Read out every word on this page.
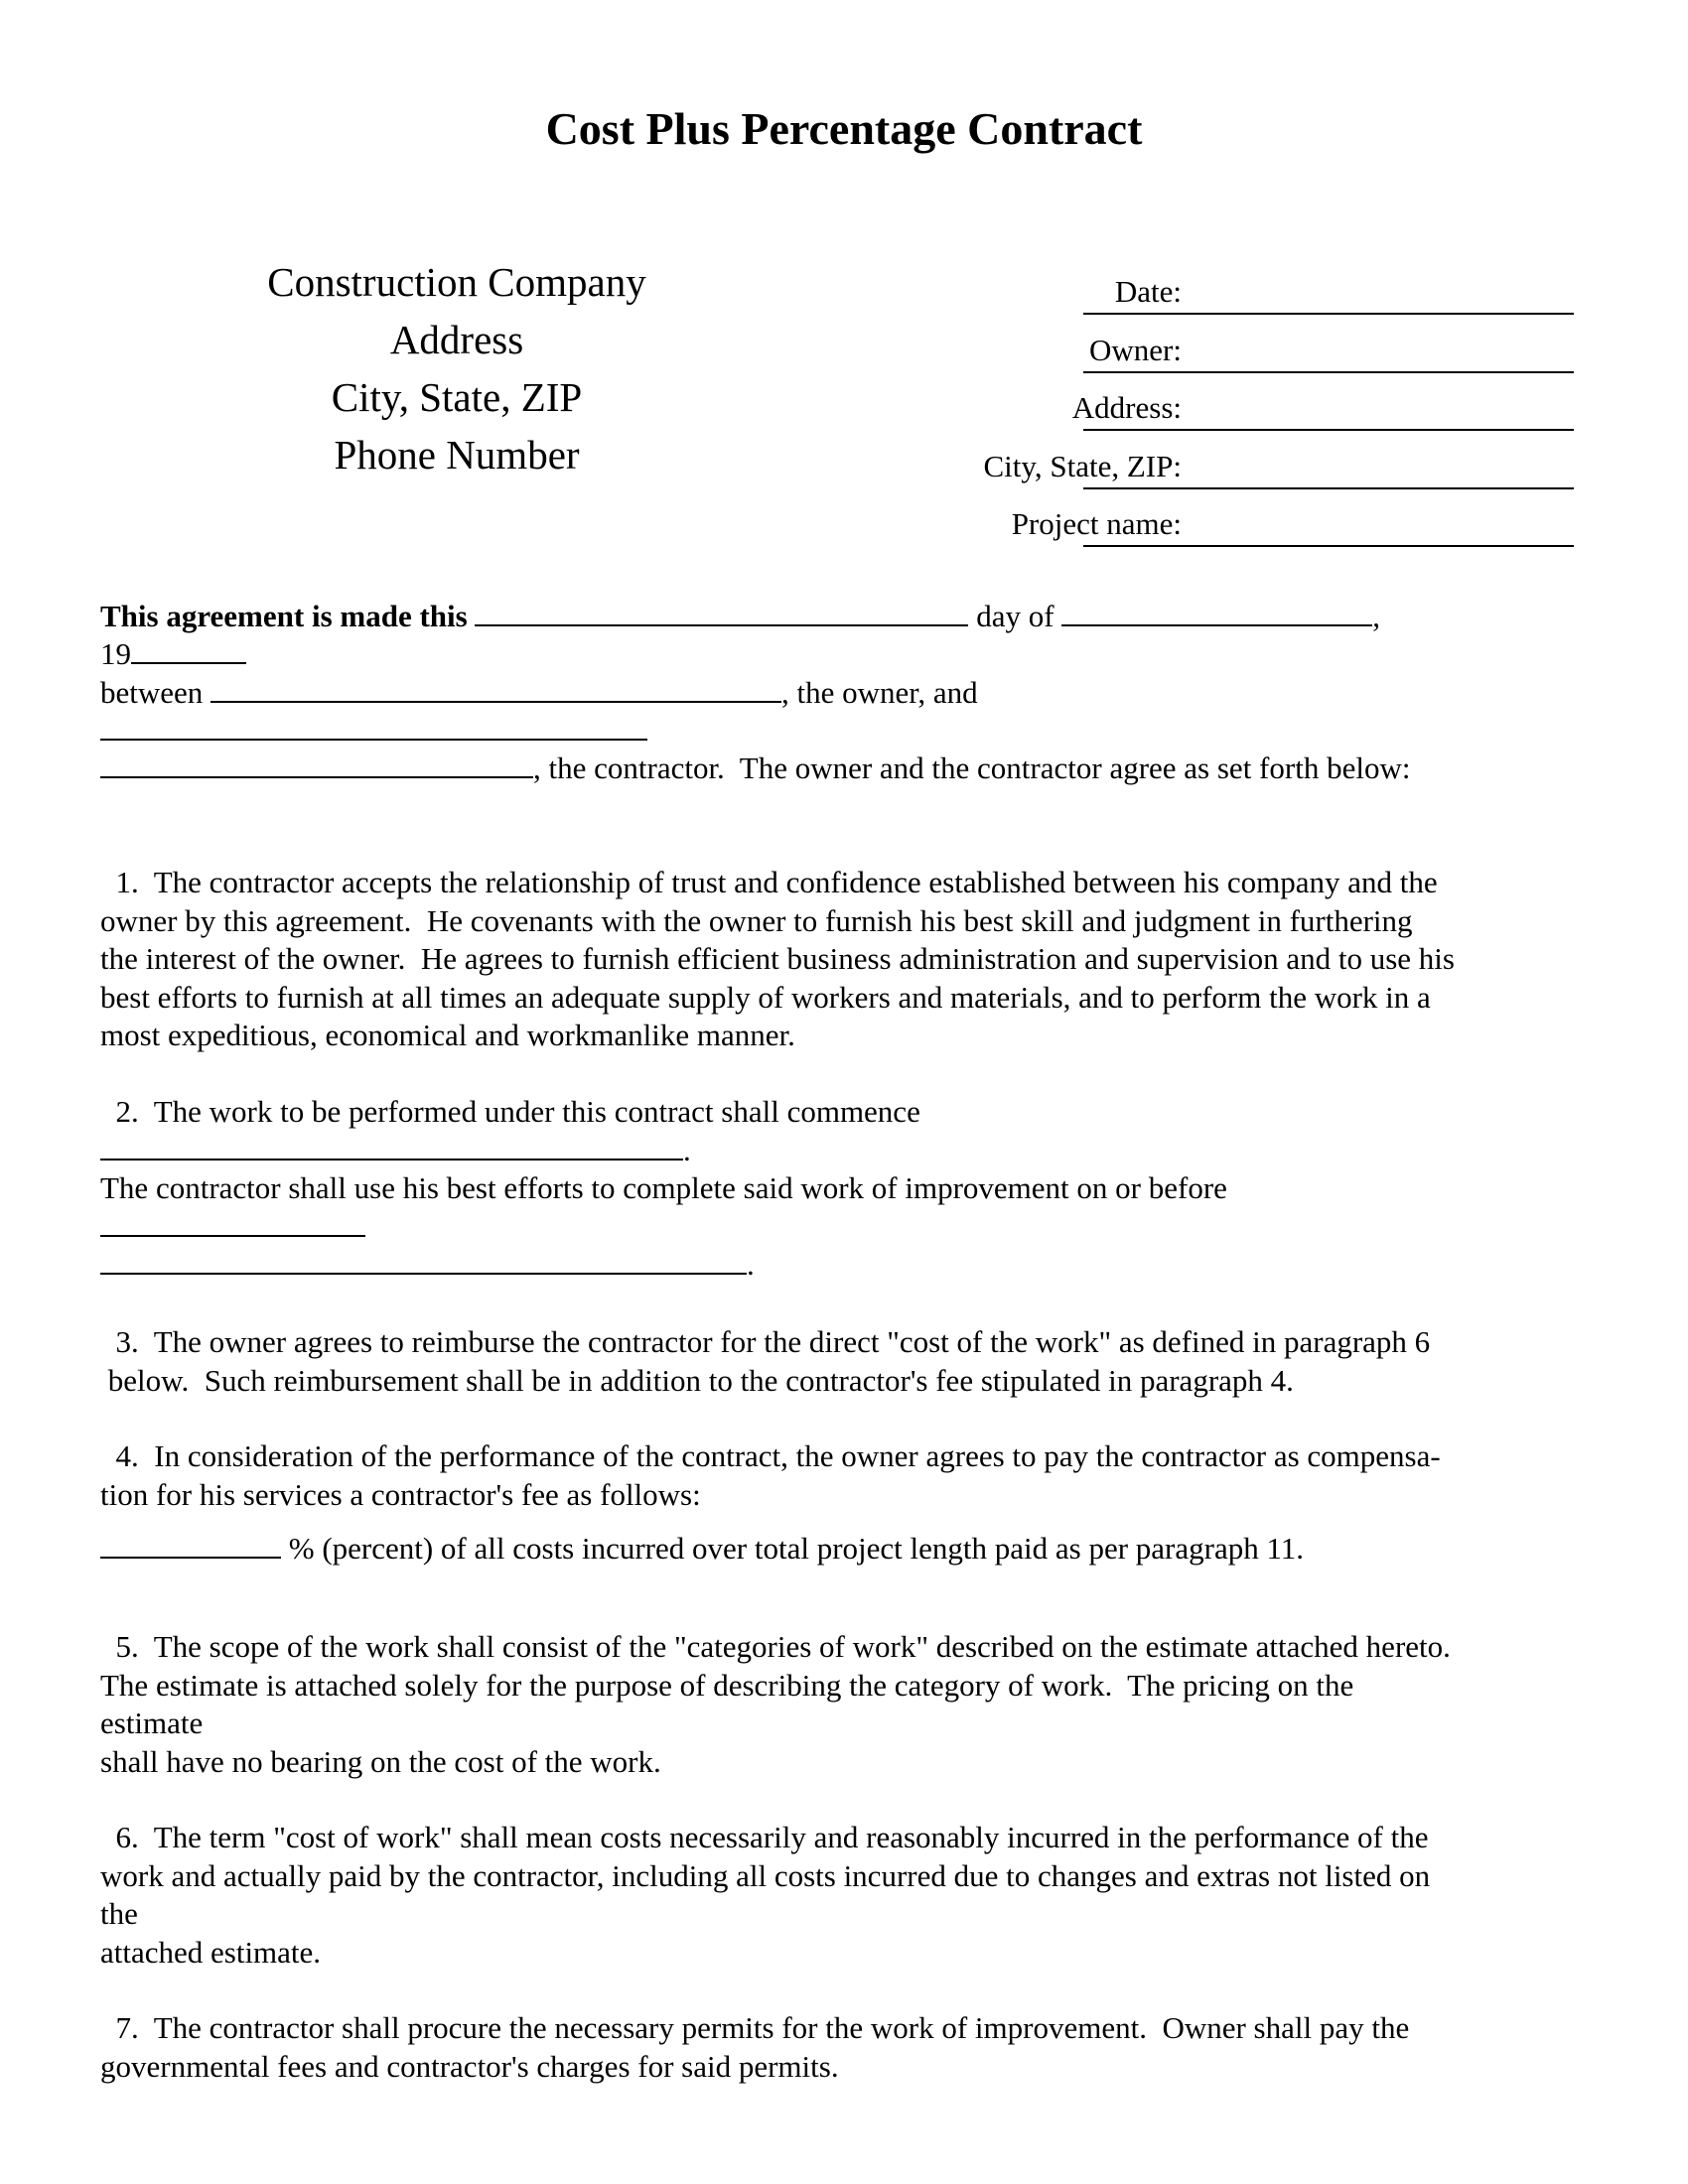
Cost Plus Percentage Contract
Construction Company
Address
City, State, ZIP
Phone Number
Date:
Owner:
Address:
City, State, ZIP:
Project name:
This agreement is made this	day of	,
19
between	, the owner, and
, the contractor.  The owner and the contractor agree as set forth below:
1.  The contractor accepts the relationship of trust and confidence established between his company and the
owner by this agreement.  He covenants with the owner to furnish his best skill and judgment in furthering
the interest of the owner.  He agrees to furnish efficient business administration and supervision and to use his
best efforts to furnish at all times an adequate supply of workers and materials, and to perform the work in a
most expeditious, economical and workmanlike manner.
2.  The work to be performed under this contract shall commence
.
The contractor shall use his best efforts to complete said work of improvement on or before
.
3.  The owner agrees to reimburse the contractor for the direct "cost of the work" as defined in paragraph 6
below.  Such reimbursement shall be in addition to the contractor's fee stipulated in paragraph 4.
4.  In consideration of the performance of the contract, the owner agrees to pay the contractor as compensa-
tion for his services a contractor's fee as follows:
% (percent) of all costs incurred over total project length paid as per paragraph 11.
5.  The scope of the work shall consist of the "categories of work" described on the estimate attached hereto.
The estimate is attached solely for the purpose of describing the category of work.  The pricing on the
estimate
shall have no bearing on the cost of the work.
6.  The term "cost of work" shall mean costs necessarily and reasonably incurred in the performance of the
work and actually paid by the contractor, including all costs incurred due to changes and extras not listed on
the
attached estimate.
7.  The contractor shall procure the necessary permits for the work of improvement.  Owner shall pay the
governmental fees and contractor's charges for said permits.
